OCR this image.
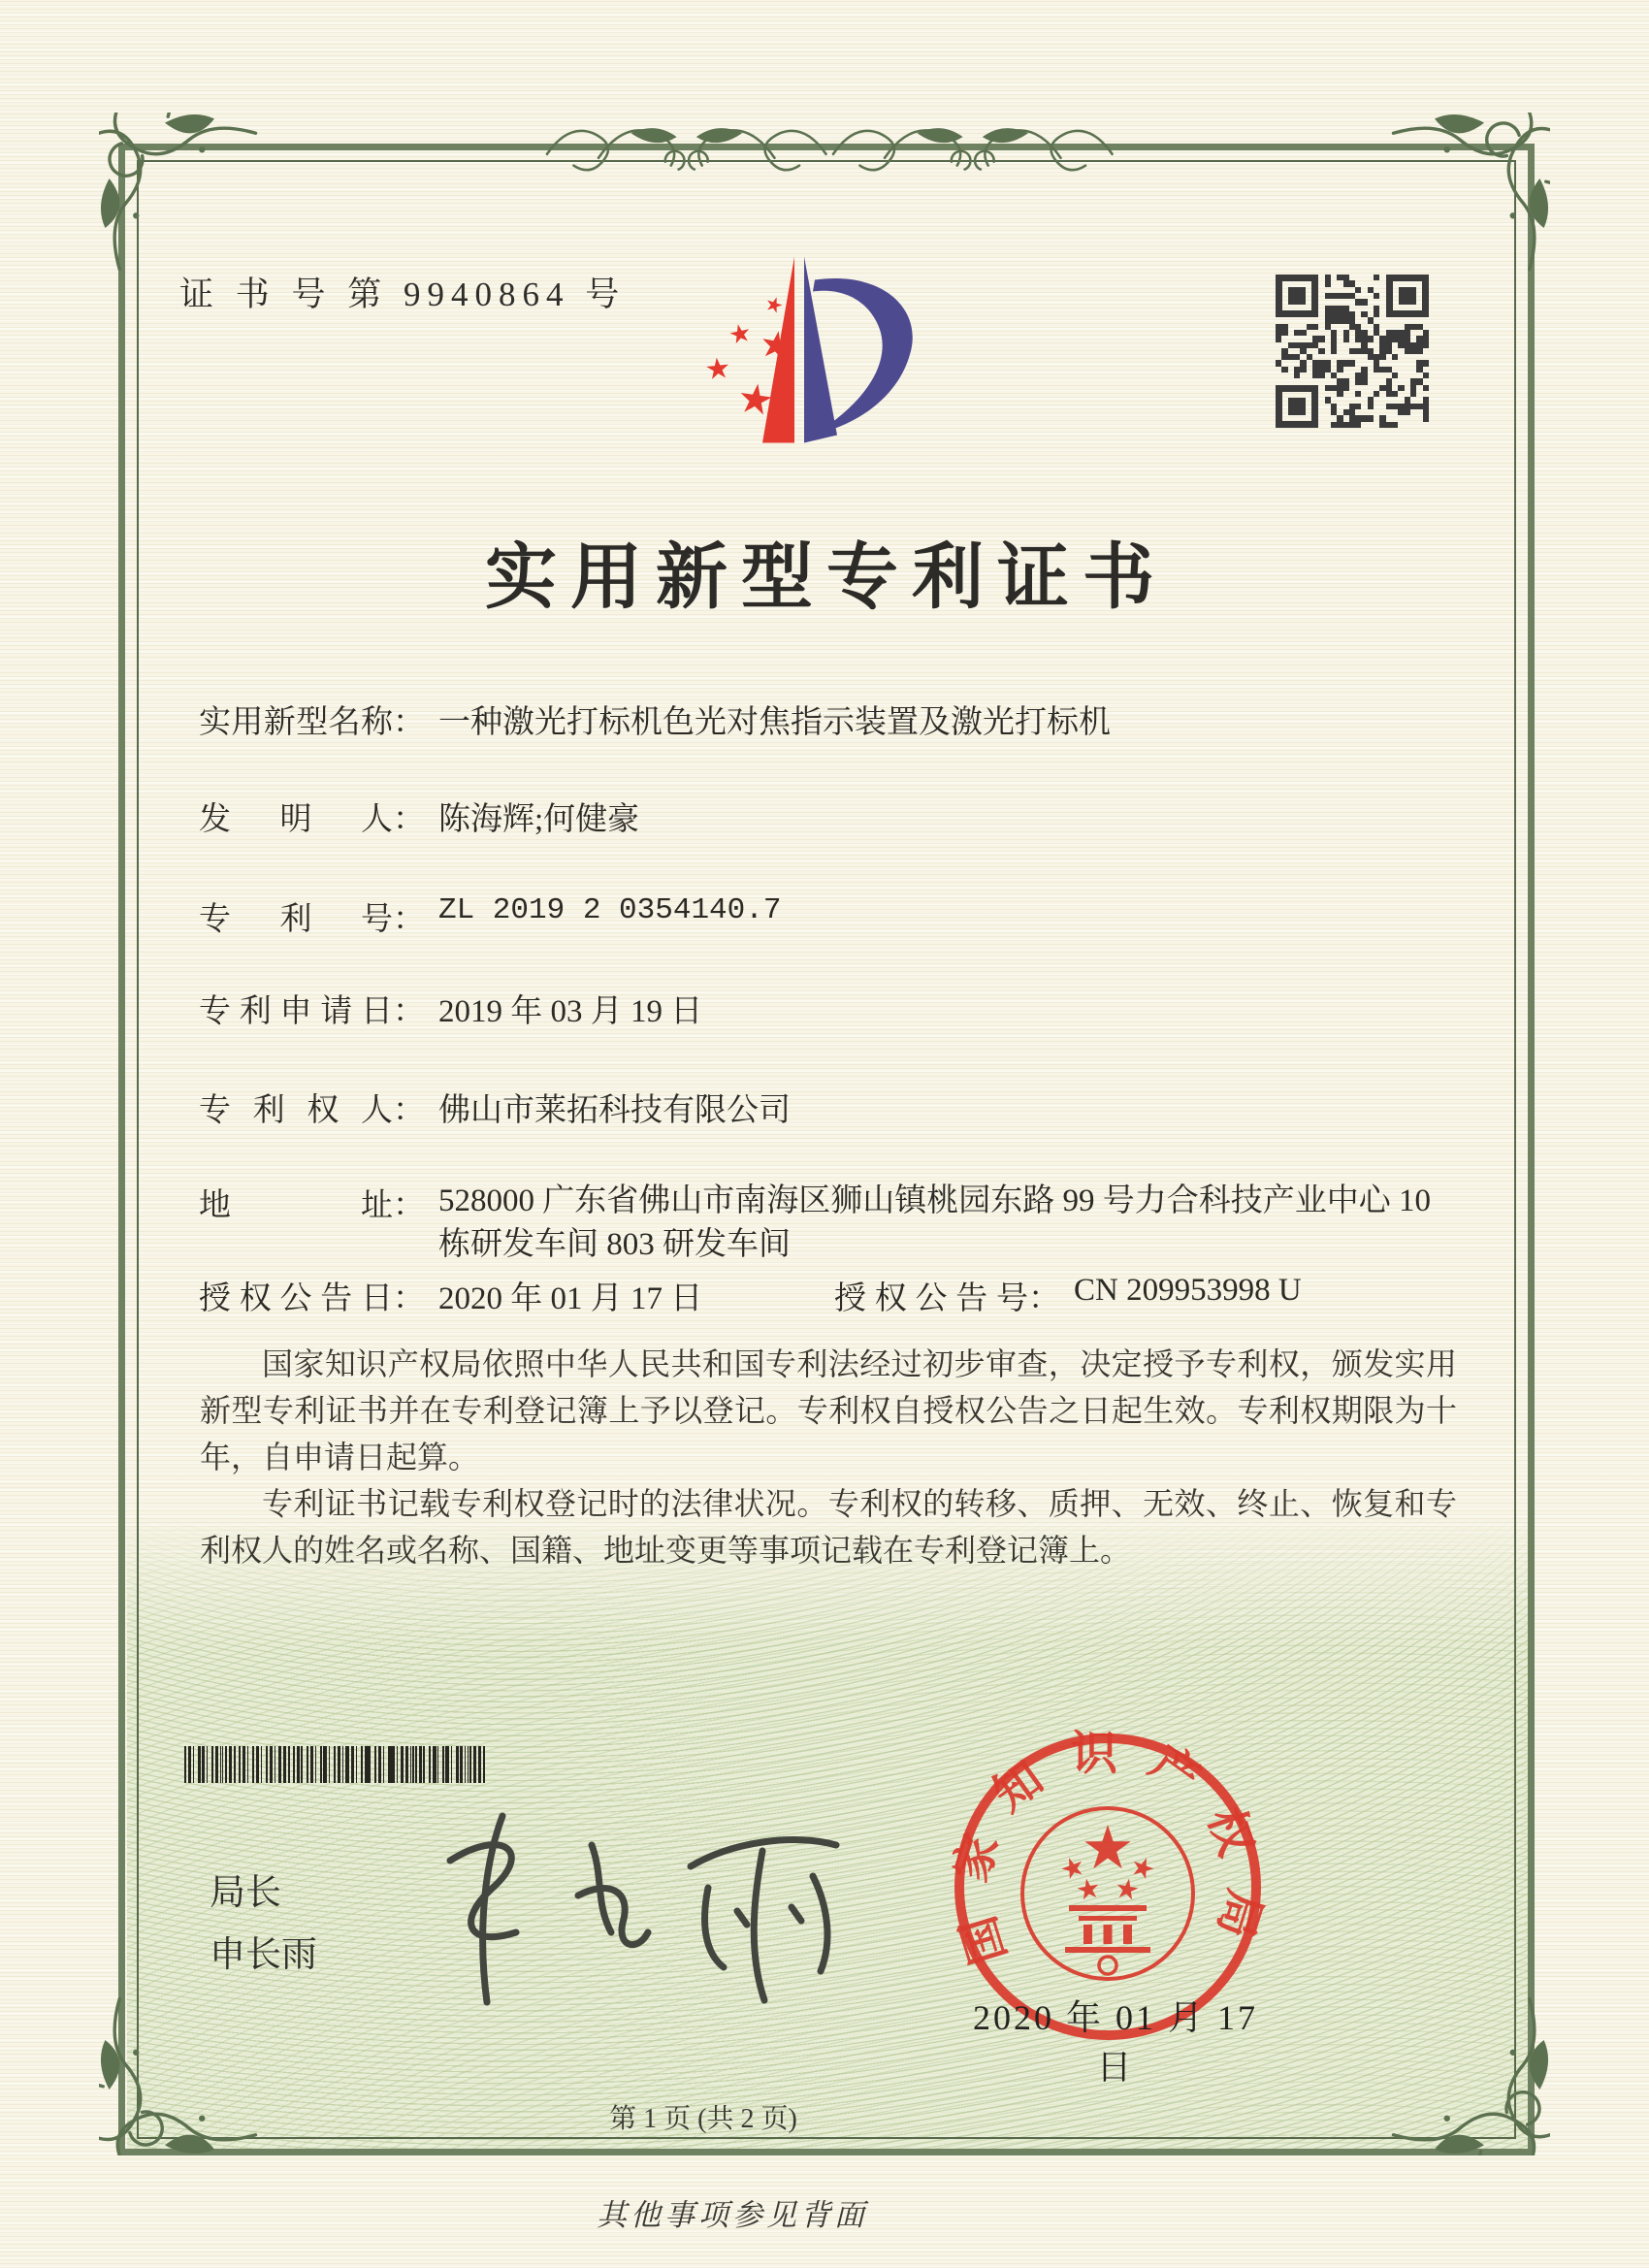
证 书 号 第 9940864 号
实用新型专利证书
实用新型名称 ： 一种激光打标机色光对焦指示装置及激光打标机
发明人 ： 陈海辉;何健豪
专利号 ： ZL 2019 2 0354140.7
专利申请日 ： 2019 年 03 月 19 日
专利权人 ： 佛山市莱拓科技有限公司
地址 ： 528000 广东省佛山市南海区狮山镇桃园东路 99 号力合科技产业中心 10 栋研发车间 803 研发车间
授权公告日 ： 2020 年 01 月 17 日	授权公告号 ： CN 209953998 U

国家知识产权局依照中华人民共和国专利法经过初步审查，决定授予专利权，颁发实用新型专利证书并在专利登记簿上予以登记。专利权自授权公告之日起生效。专利权期限为十年，自申请日起算。

专利证书记载专利权登记时的法律状况。专利权的转移、质押、无效、终止、恢复和专利权人的姓名或名称、国籍、地址变更等事项记载在专利登记簿上。

局长
申长雨	国家知识产权局
2020 年 01 月 17 日
第 1 页 (共 2 页)
其他事项参见背面
